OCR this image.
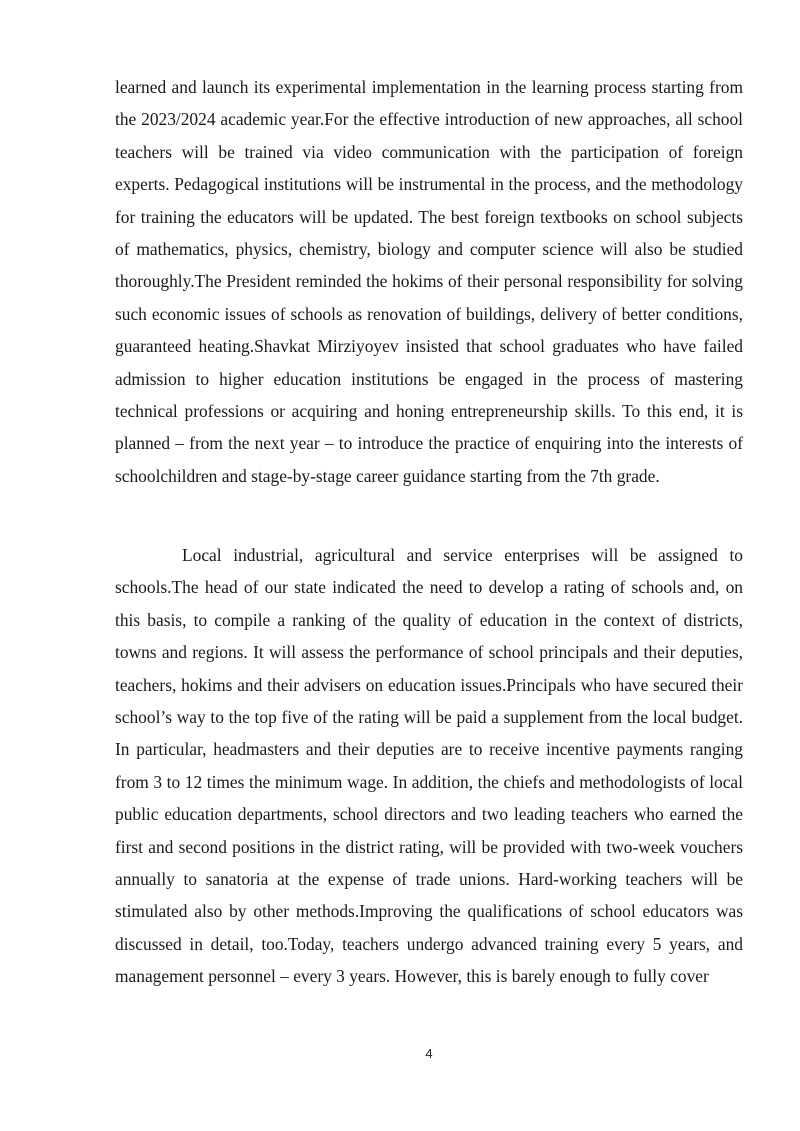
learned and launch its experimental implementation in the learning process starting from the 2023/2024 academic year.For the effective introduction of new approaches, all school teachers will be trained via video communication with the participation of foreign experts. Pedagogical institutions will be instrumental in the process, and the methodology for training the educators will be updated. The best foreign textbooks on school subjects of mathematics, physics, chemistry, biology and computer science will also be studied thoroughly.The President reminded the hokims of their personal responsibility for solving such economic issues of schools as renovation of buildings, delivery of better conditions, guaranteed heating.Shavkat Mirziyoyev insisted that school graduates who have failed admission to higher education institutions be engaged in the process of mastering technical professions or acquiring and honing entrepreneurship skills. To this end, it is planned – from the next year – to introduce the practice of enquiring into the interests of schoolchildren and stage-by-stage career guidance starting from the 7th grade.

Local industrial, agricultural and service enterprises will be assigned to schools.The head of our state indicated the need to develop a rating of schools and, on this basis, to compile a ranking of the quality of education in the context of districts, towns and regions. It will assess the performance of school principals and their deputies, teachers, hokims and their advisers on education issues.Principals who have secured their school’s way to the top five of the rating will be paid a supplement from the local budget. In particular, headmasters and their deputies are to receive incentive payments ranging from 3 to 12 times the minimum wage. In addition, the chiefs and methodologists of local public education departments, school directors and two leading teachers who earned the first and second positions in the district rating, will be provided with two-week vouchers annually to sanatoria at the expense of trade unions. Hard-working teachers will be stimulated also by other methods.Improving the qualifications of school educators was discussed in detail, too.Today, teachers undergo advanced training every 5 years, and management personnel – every 3 years. However, this is barely enough to fully cover

4
